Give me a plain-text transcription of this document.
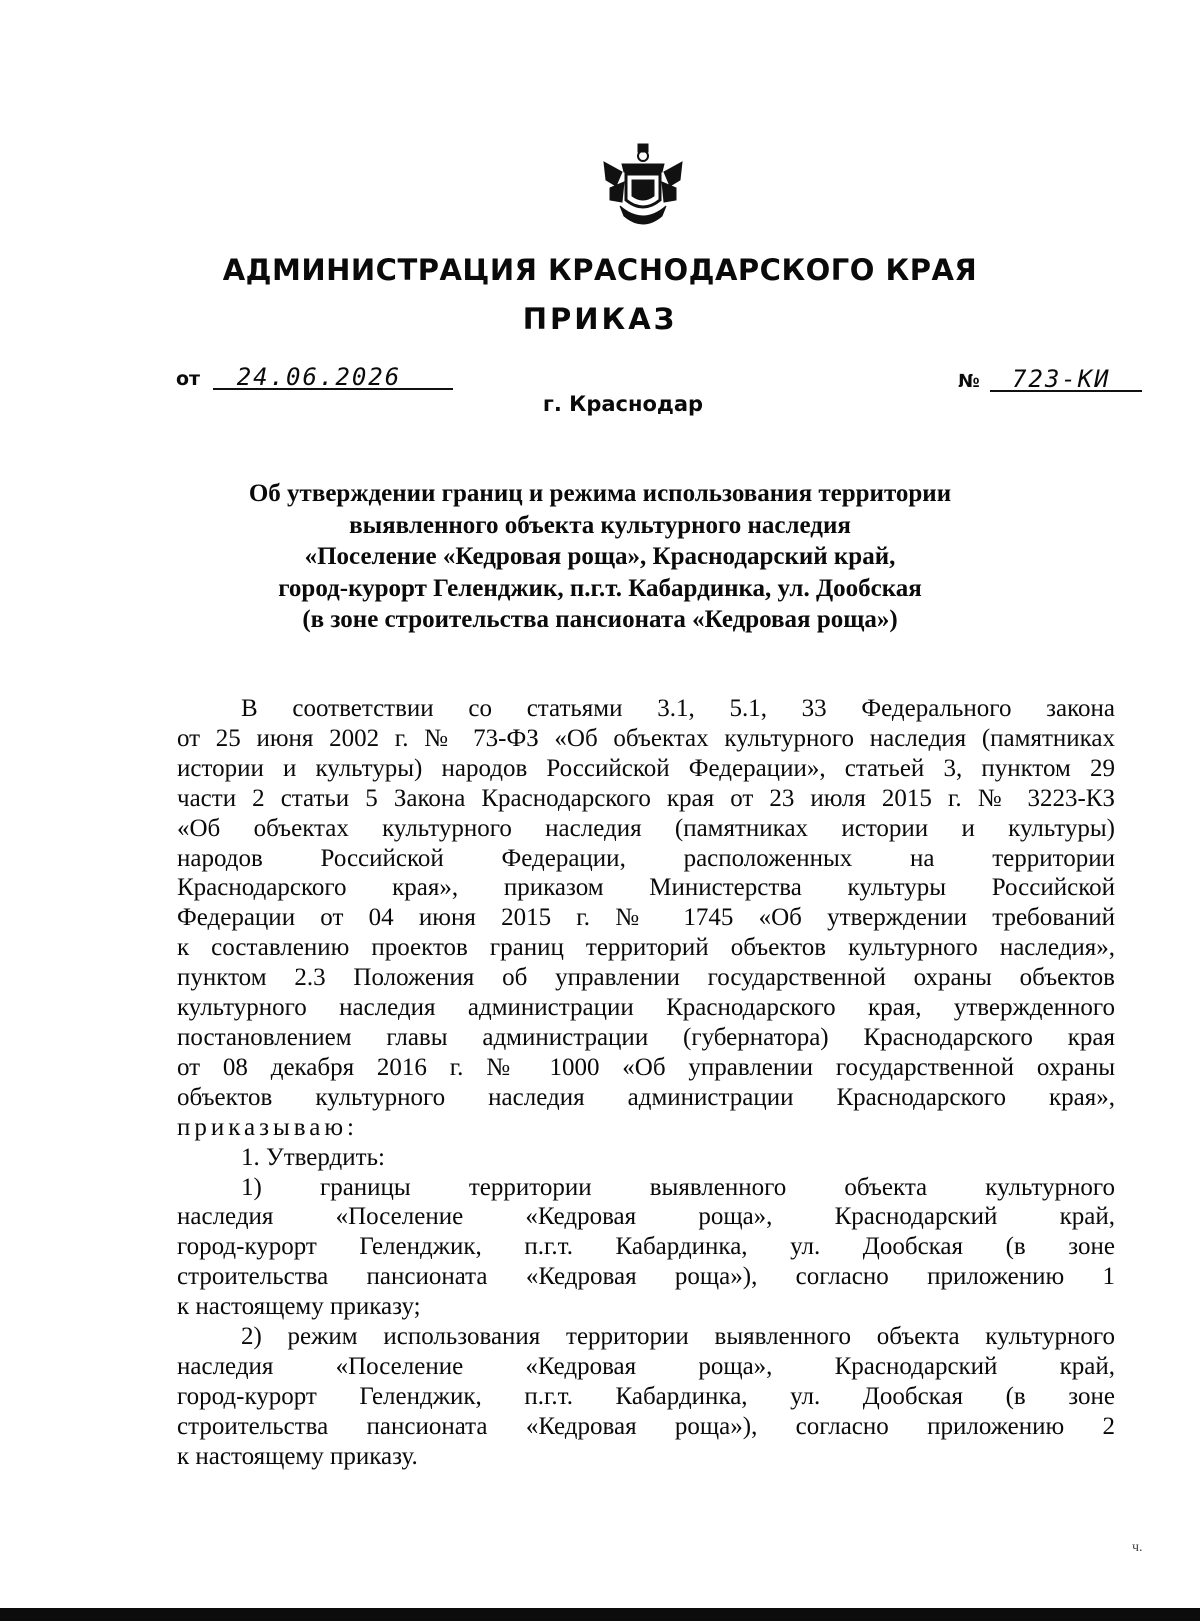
АДМИНИСТРАЦИЯ КРАСНОДАРСКОГО КРАЯ
ПРИКАЗ
от 24.06.2026
г. Краснодар
№ 723-КИ
Об утверждении границ и режима использования территории
выявленного объекта культурного наследия
«Поселение «Кедровая роща», Краснодарский край,
город-курорт Геленджик, п.г.т. Кабардинка, ул. Дообская
(в зоне строительства пансионата «Кедровая роща»)
В соответствии со статьями 3.1, 5.1, 33 Федерального закона
от 25 июня 2002 г. № 73-ФЗ «Об объектах культурного наследия (памятниках
истории и культуры) народов Российской Федерации», статьей 3, пунктом 29
части 2 статьи 5 Закона Краснодарского края от 23 июля 2015 г. № 3223-КЗ
«Об объектах культурного наследия (памятниках истории и культуры)
народов Российской Федерации, расположенных на территории
Краснодарского края», приказом Министерства культуры Российской
Федерации от 04 июня 2015 г. № 1745 «Об утверждении требований
к составлению проектов границ территорий объектов культурного наследия»,
пунктом 2.3 Положения об управлении государственной охраны объектов
культурного наследия администрации Краснодарского края, утвержденного
постановлением главы администрации (губернатора) Краснодарского края
от 08 декабря 2016 г. № 1000 «Об управлении государственной охраны
объектов культурного наследия администрации Краснодарского края»,
приказываю:
1. Утвердить:
1) границы территории выявленного объекта культурного
наследия «Поселение «Кедровая роща», Краснодарский край,
город-курорт Геленджик, п.г.т. Кабардинка, ул. Дообская (в зоне
строительства пансионата «Кедровая роща»), согласно приложению 1
к настоящему приказу;
2) режим использования территории выявленного объекта культурного
наследия «Поселение «Кедровая роща», Краснодарский край,
город-курорт Геленджик, п.г.т. Кабардинка, ул. Дообская (в зоне
строительства пансионата «Кедровая роща»), согласно приложению 2
к настоящему приказу.
ч.
